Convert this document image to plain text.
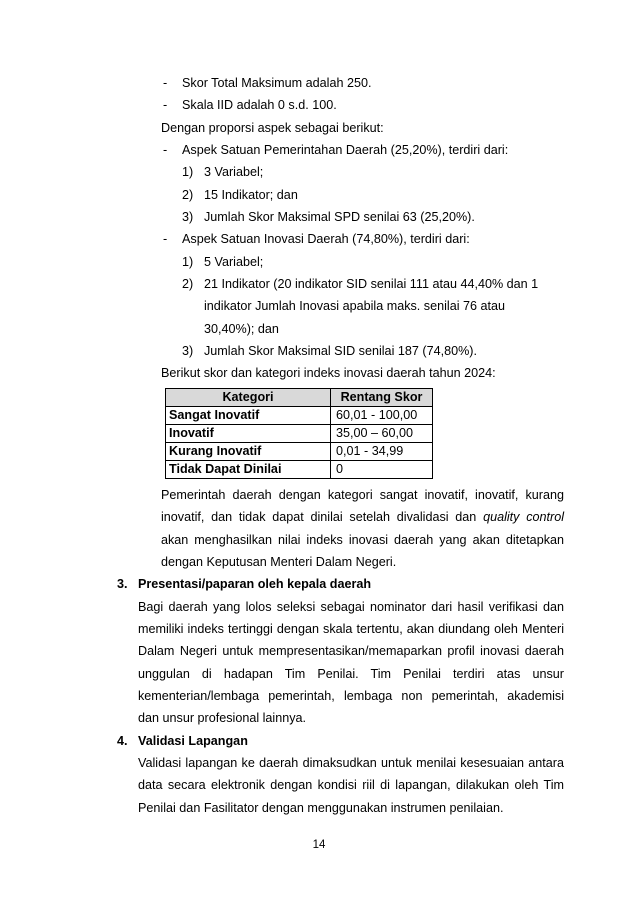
- Skor Total Maksimum adalah 250.
- Skala IID adalah 0 s.d. 100.
Dengan proporsi aspek sebagai berikut:
- Aspek Satuan Pemerintahan Daerah (25,20%), terdiri dari:
1) 3 Variabel;
2) 15 Indikator; dan
3) Jumlah Skor Maksimal SPD senilai 63 (25,20%).
- Aspek Satuan Inovasi Daerah (74,80%), terdiri dari:
1) 5 Variabel;
2) 21 Indikator (20 indikator SID senilai 111 atau 44,40% dan 1
indikator Jumlah Inovasi apabila maks. senilai 76 atau
30,40%); dan
3) Jumlah Skor Maksimal SID senilai 187 (74,80%).
Berikut skor dan kategori indeks inovasi daerah tahun 2024:
Kategori	Rentang Skor
Sangat Inovatif	60,01 - 100,00
Inovatif	35,00 – 60,00
Kurang Inovatif	0,01 - 34,99
Tidak Dapat Dinilai	0
Pemerintah daerah dengan kategori sangat inovatif, inovatif, kurang
inovatif, dan tidak dapat dinilai setelah divalidasi dan quality control
akan menghasilkan nilai indeks inovasi daerah yang akan ditetapkan
dengan Keputusan Menteri Dalam Negeri.
3. Presentasi/paparan oleh kepala daerah
Bagi daerah yang lolos seleksi sebagai nominator dari hasil verifikasi dan
memiliki indeks tertinggi dengan skala tertentu, akan diundang oleh Menteri
Dalam Negeri untuk mempresentasikan/memaparkan profil inovasi daerah
unggulan di hadapan Tim Penilai. Tim Penilai terdiri atas unsur
kementerian/lembaga pemerintah, lembaga non pemerintah, akademisi
dan unsur profesional lainnya.
4. Validasi Lapangan
Validasi lapangan ke daerah dimaksudkan untuk menilai kesesuaian antara
data secara elektronik dengan kondisi riil di lapangan, dilakukan oleh Tim
Penilai dan Fasilitator dengan menggunakan instrumen penilaian.
14
